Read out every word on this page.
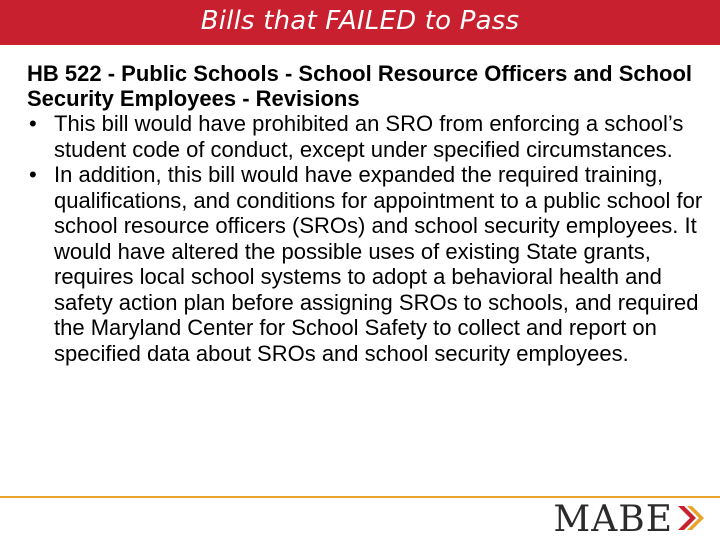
Bills that FAILED to Pass

HB 522 - Public Schools - School Resource Officers and School Security Employees - Revisions

• This bill would have prohibited an SRO from enforcing a school’s student code of conduct, except under specified circumstances.
• In addition, this bill would have expanded the required training, qualifications, and conditions for appointment to a public school for school resource officers (SROs) and school security employees. It would have altered the possible uses of existing State grants, requires local school systems to adopt a behavioral health and safety action plan before assigning SROs to schools, and required the Maryland Center for School Safety to collect and report on specified data about SROs and school security employees.
MABE
